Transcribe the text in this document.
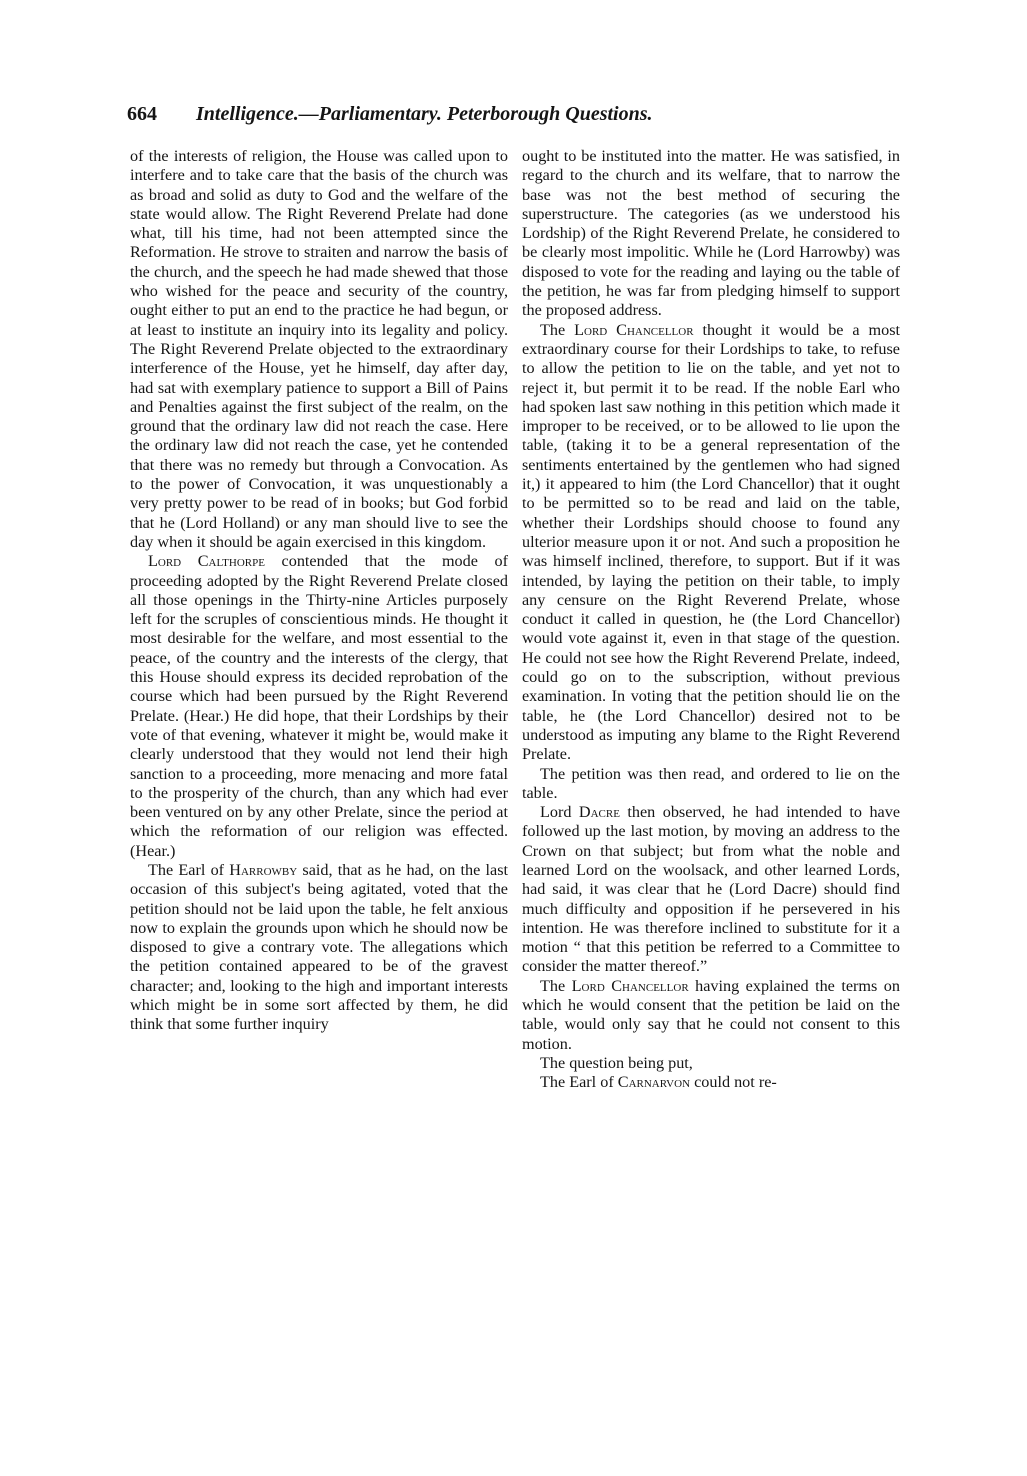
664 Intelligence.—Parliamentary. Peterborough Questions.

of the interests of religion, the House was called upon to interfere and to take care that the basis of the church was as broad and solid as duty to God and the welfare of the state would allow. The Right Reverend Prelate had done what, till his time, had not been attempted since the Reformation. He strove to straiten and narrow the basis of the church, and the speech he had made shewed that those who wished for the peace and security of the country, ought either to put an end to the practice he had begun, or at least to institute an inquiry into its legality and policy. The Right Reverend Prelate objected to the extraordinary interference of the House, yet he himself, day after day, had sat with exemplary patience to support a Bill of Pains and Penalties against the first subject of the realm, on the ground that the ordinary law did not reach the case. Here the ordinary law did not reach the case, yet he contended that there was no remedy but through a Convocation. As to the power of Convocation, it was unquestionably a very pretty power to be read of in books; but God forbid that he (Lord Holland) or any man should live to see the day when it should be again exercised in this kingdom.

Lord Calthorpe contended that the mode of proceeding adopted by the Right Reverend Prelate closed all those openings in the Thirty-nine Articles purposely left for the scruples of conscientious minds. He thought it most desirable for the welfare, and most essential to the peace, of the country and the interests of the clergy, that this House should express its decided reprobation of the course which had been pursued by the Right Reverend Prelate. (Hear.) He did hope, that their Lordships by their vote of that evening, whatever it might be, would make it clearly understood that they would not lend their high sanction to a proceeding, more menacing and more fatal to the prosperity of the church, than any which had ever been ventured on by any other Prelate, since the period at which the reformation of our religion was effected. (Hear.)

The Earl of Harrowby said, that as he had, on the last occasion of this subject's being agitated, voted that the petition should not be laid upon the table, he felt anxious now to explain the grounds upon which he should now be disposed to give a contrary vote. The allegations which the petition contained appeared to be of the gravest character; and, looking to the high and important interests which might be in some sort affected by them, he did think that some further inquiry

ought to be instituted into the matter. He was satisfied, in regard to the church and its welfare, that to narrow the base was not the best method of securing the superstructure. The categories (as we understood his Lordship) of the Right Reverend Prelate, he considered to be clearly most impolitic. While he (Lord Harrowby) was disposed to vote for the reading and laying ou the table of the petition, he was far from pledging himself to support the proposed address.

The Lord Chancellor thought it would be a most extraordinary course for their Lordships to take, to refuse to allow the petition to lie on the table, and yet not to reject it, but permit it to be read. If the noble Earl who had spoken last saw nothing in this petition which made it improper to be received, or to be allowed to lie upon the table, (taking it to be a general representation of the sentiments entertained by the gentlemen who had signed it,) it appeared to him (the Lord Chancellor) that it ought to be permitted so to be read and laid on the table, whether their Lordships should choose to found any ulterior measure upon it or not. And such a proposition he was himself inclined, therefore, to support. But if it was intended, by laying the petition on their table, to imply any censure on the Right Reverend Prelate, whose conduct it called in question, he (the Lord Chancellor) would vote against it, even in that stage of the question. He could not see how the Right Reverend Prelate, indeed, could go on to the subscription, without previous examination. In voting that the petition should lie on the table, he (the Lord Chancellor) desired not to be understood as imputing any blame to the Right Reverend Prelate.

The petition was then read, and ordered to lie on the table.

Lord Dacre then observed, he had intended to have followed up the last motion, by moving an address to the Crown on that subject; but from what the noble and learned Lord on the woolsack, and other learned Lords, had said, it was clear that he (Lord Dacre) should find much difficulty and opposition if he persevered in his intention. He was therefore inclined to substitute for it a motion “ that this petition be referred to a Committee to consider the matter thereof.”

The Lord Chancellor having explained the terms on which he would consent that the petition be laid on the table, would only say that he could not consent to this motion.

The question being put,

The Earl of Carnarvon could not re-
